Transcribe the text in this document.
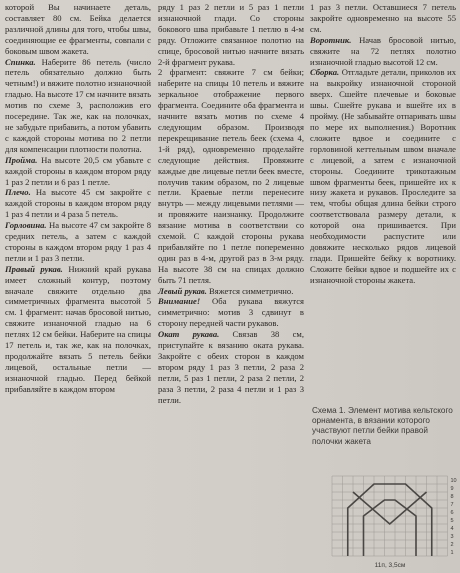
которой Вы начинаете деталь, составляет 80 см. Бейка делается различной длины для того, чтобы швы, соединяющие ее фрагменты, совпали с боковым швом жакета.

Спинка. Наберите 86 петель (число петель обязательно должно быть четным!) и вяжите полотно изнаночной гладью. На высоте 17 см начните вязать мотив по схеме 3, расположив его посередине. Так же, как на полочках, не забудьте прибавить, а потом убавить с каждой стороны мотива по 2 петли для компенсации плотности полотна.

Пройма. На высоте 20,5 см убавьте с каждой стороны в каждом втором ряду 1 раз 2 петли и 6 раз 1 петле.

Плечо. На высоте 45 см закройте с каждой стороны в каждом втором ряду 1 раз 4 петли и 4 раза 5 петель.

Горловина. На высоте 47 см закройте 8 средних петель, а затем с каждой стороны в каждом втором ряду 1 раз 4 петли и 1 раз 3 петли.

Правый рукав. Нижний край рукава имеет сложный контур, поэтому вначале свяжите отдельно два симметричных фрагмента высотой 5 см. 1 фрагмент: начав бросовой нитью, свяжите изнаночной гладью на 6 петлях 12 см бейки. Наберите на спицы 17 петель и, так же, как на полочках, продолжайте вязать 5 петель бейки лицевой, остальные петли — изнаночной гладью. Перед бейкой прибавляйте в каждом втором

ряду 1 раз 2 петли и 5 раз 1 петли изнаночной глади. Со стороны бокового шва прибавьте 1 петлю в 4-м ряду. Отложите связанное полотно на спице, бросовой нитью начните вязать 2-й фрагмент рукава.

2 фрагмент: свяжите 7 см бейки; наберите на спицы 10 петель и вяжите зеркальное отображение первого фрагмента. Соедините оба фрагмента и начните вязать мотив по схеме 4 следующим образом. Производя перекрещивание петель беек (схема 4, 1-й ряд), одновременно проделайте следующие действия. Провяжите каждые две лицевые петли беек вместе, получив таким образом, по 2 лицевые петли. Краевые петли перенесите внутрь — между лицевыми петлями — и провяжите наизнанку. Продолжите вязание мотива в соответствии со схемой. С каждой стороны рукава прибавляйте по 1 петле попеременно один раз в 4-м, другой раз в 3-м ряду. На высоте 38 см на спицах должно быть 71 петля.

Левый рукав. Вяжется симметрично.

Внимание! Оба рукава вяжутся симметрично: мотив 3 сдвинут в сторону передней части рукавов.

Окат рукава. Связав 38 см, приступайте к вязанию оката рукава. Закройте с обеих сторон в каждом втором ряду 1 раз 3 петли, 2 раза 2 петли, 5 раз 1 петли, 2 раза 2 петли, 2 раза 3 петли, 2 раза 4 петли и 1 раз 3 петли.

1 раз 3 петли. Оставшиеся 7 петель закройте одновременно на высоте 55 см.

Воротник. Начав бросовой нитью, свяжите на 72 петлях полотно изнаночной гладью высотой 12 см.

Сборка. Отгладьте детали, приколов их на выкройку изнаночной стороной вверх. Сшейте плечевые и боковые швы. Сшейте рукава и вшейте их в пройму. (Не забывайте отпаривать швы по мере их выполнения.) Воротник сложите вдвое и соедините с горловиной кеттельным швом вначале с лицевой, а затем с изнаночной стороны. Соедините трикотажным швом фрагменты беек, пришейте их к низу жакета и рукавов. Проследите за тем, чтобы общая длина бейки строго соответствовала размеру детали, к которой она пришивается. При необходимости распустите или довяжите несколько рядов лицевой глади. Пришейте бейку к воротнику. Сложите бейки вдвое и подшейте их с изнаночной стороны жакета.

Схема 1. Элемент мотива кельтского орнамента, в вязании которого участвуют петли бейки правой полочки жакета
10
9
8
7
6
5
4
3
2
1
11п, 3,5см
